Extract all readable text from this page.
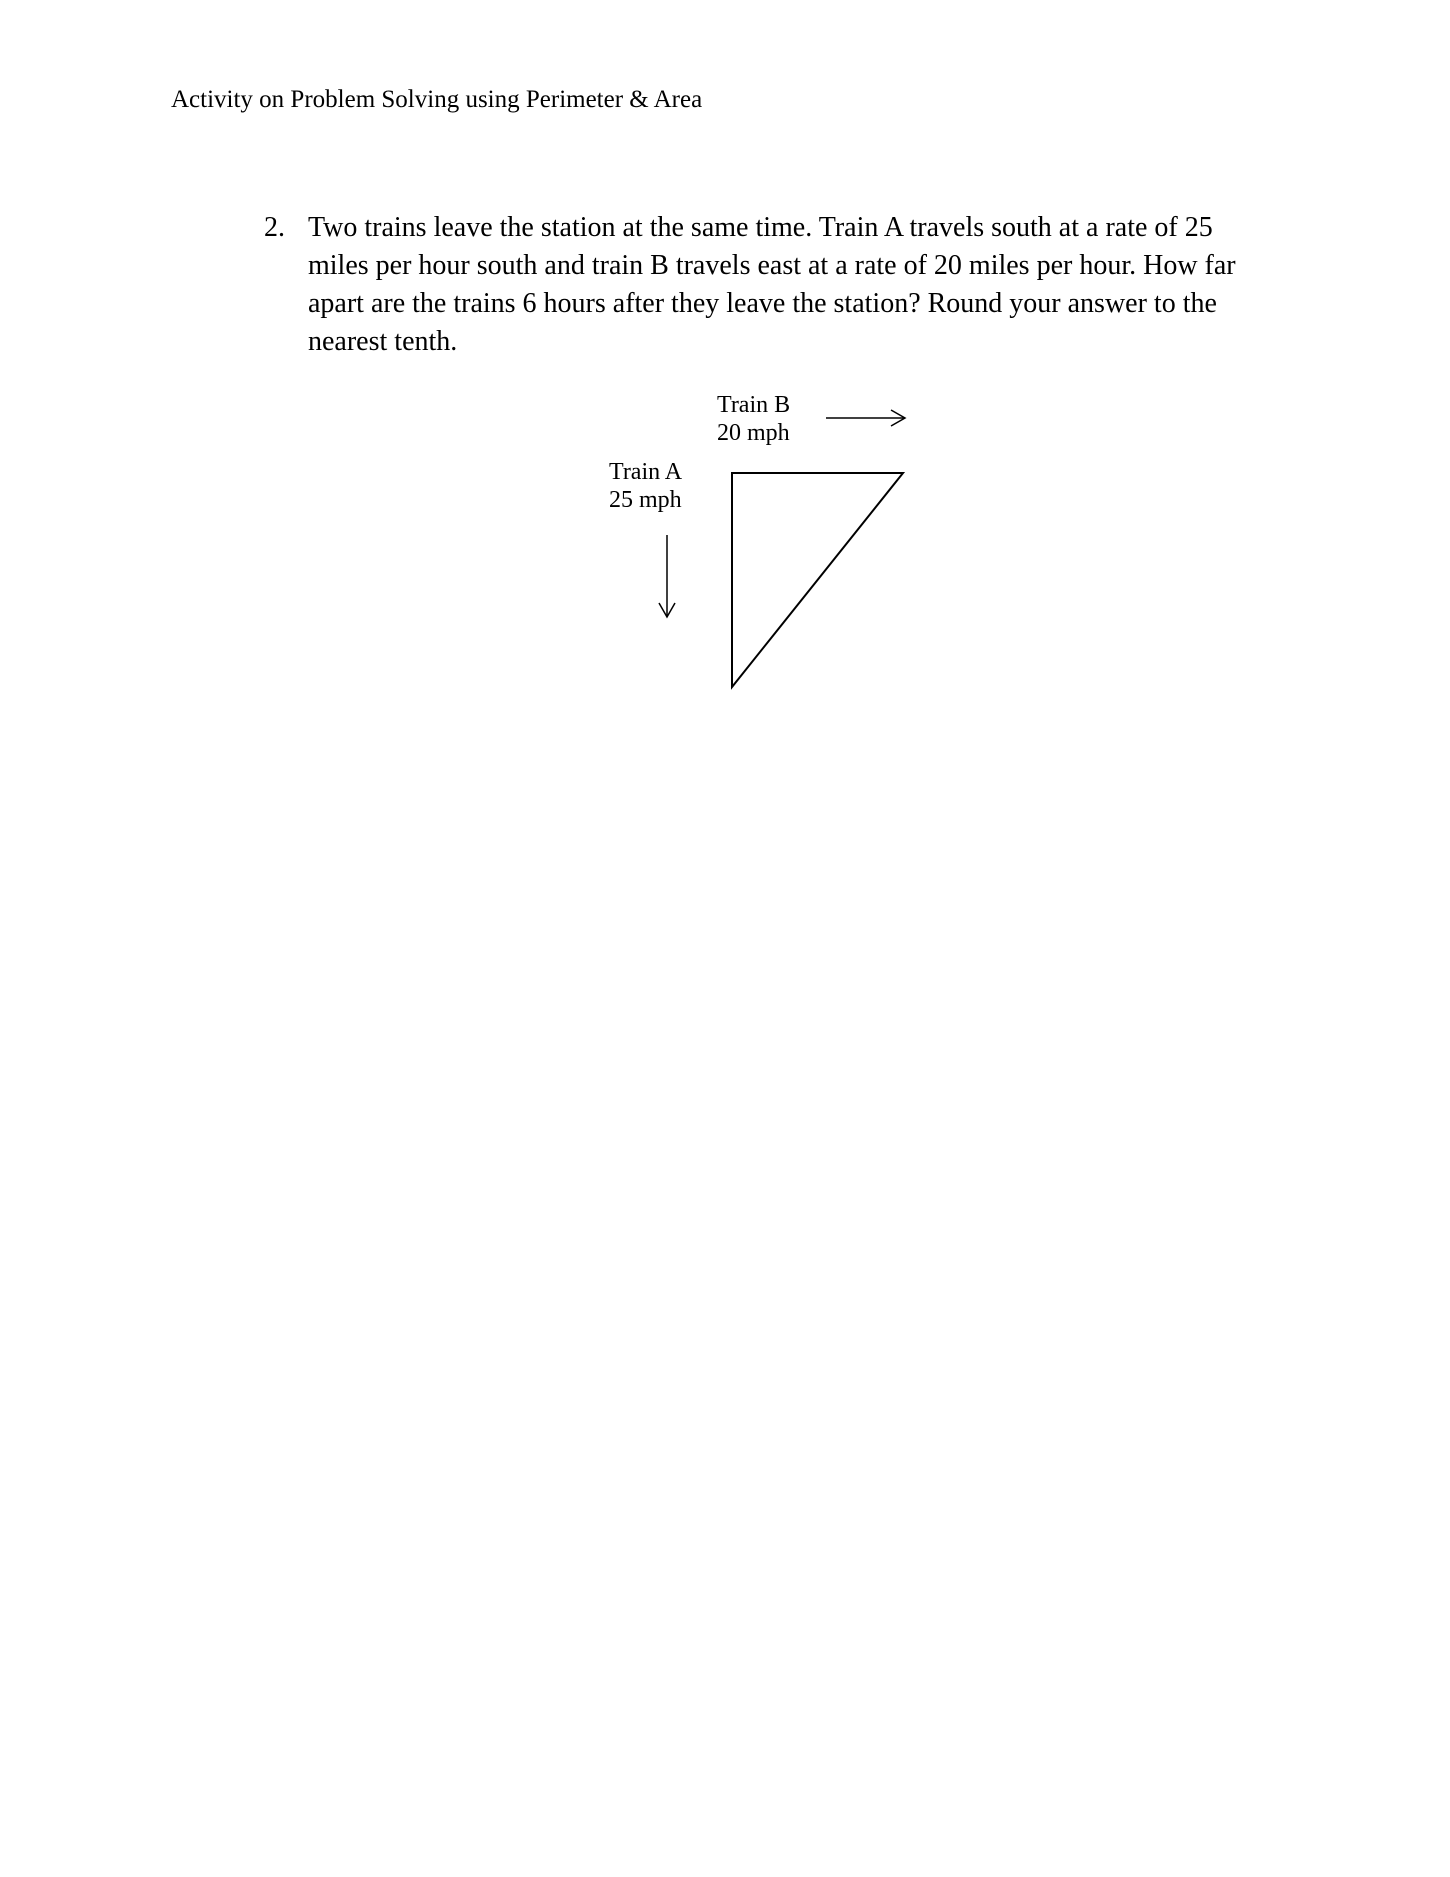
Activity on Problem Solving using Perimeter & Area
2. Two trains leave the station at the same time. Train A travels south at a rate of 25
miles per hour south and train B travels east at a rate of 20 miles per hour. How far
apart are the trains 6 hours after they leave the station? Round your answer to the
nearest tenth.
Train B
20 mph
Train A
25 mph
